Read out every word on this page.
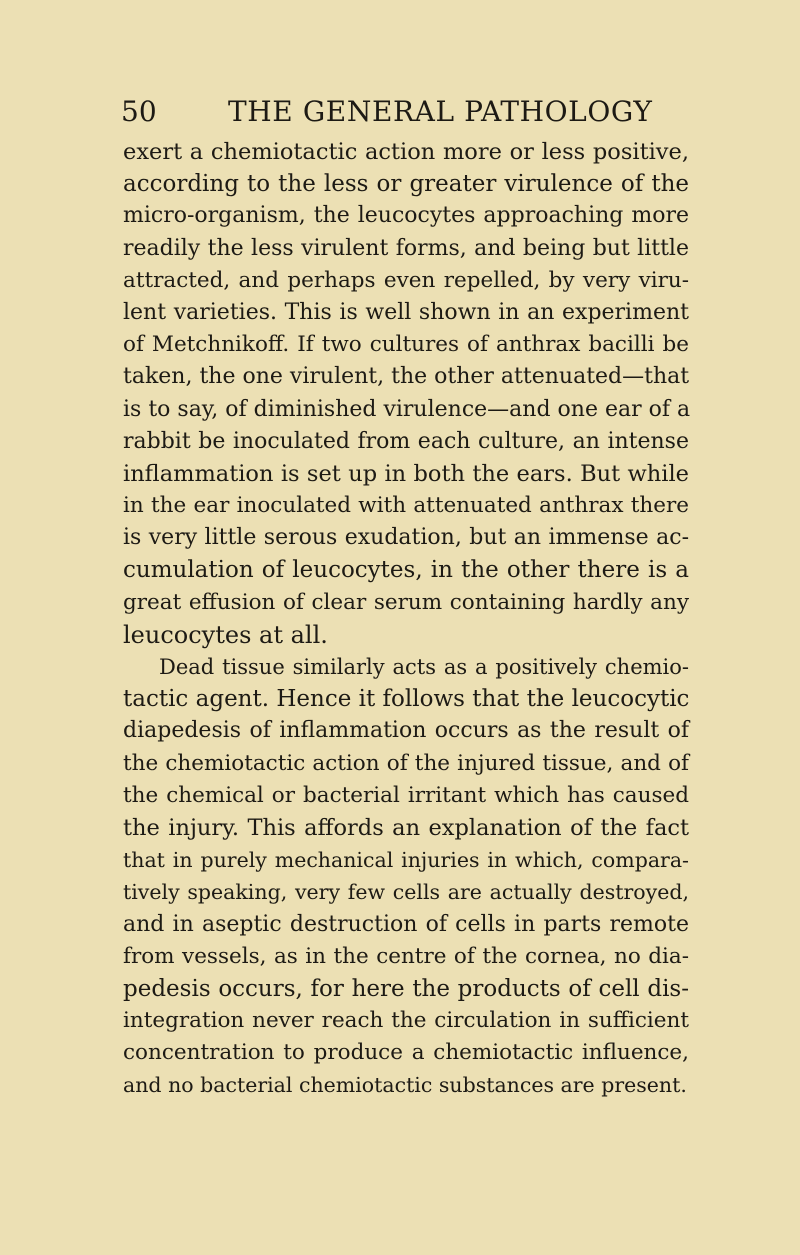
50	THE GENERAL PATHOLOGY
exert a chemiotactic action more or less positive,
according to the less or greater virulence of the
micro-organism, the leucocytes approaching more
readily the less virulent forms, and being but little
attracted, and perhaps even repelled, by very viru-
lent varieties. This is well shown in an experiment
of Metchnikoff. If two cultures of anthrax bacilli be
taken, the one virulent, the other attenuated—that
is to say, of diminished virulence—and one ear of a
rabbit be inoculated from each culture, an intense
inflammation is set up in both the ears. But while
in the ear inoculated with attenuated anthrax there
is very little serous exudation, but an immense ac-
cumulation of leucocytes, in the other there is a
great effusion of clear serum containing hardly any
leucocytes at all.
Dead tissue similarly acts as a positively chemio-
tactic agent. Hence it follows that the leucocytic
diapedesis of inflammation occurs as the result of
the chemiotactic action of the injured tissue, and of
the chemical or bacterial irritant which has caused
the injury. This affords an explanation of the fact
that in purely mechanical injuries in which, compara-
tively speaking, very few cells are actually destroyed,
and in aseptic destruction of cells in parts remote
from vessels, as in the centre of the cornea, no dia-
pedesis occurs, for here the products of cell dis-
integration never reach the circulation in sufficient
concentration to produce a chemiotactic influence,
and no bacterial chemiotactic substances are present.
